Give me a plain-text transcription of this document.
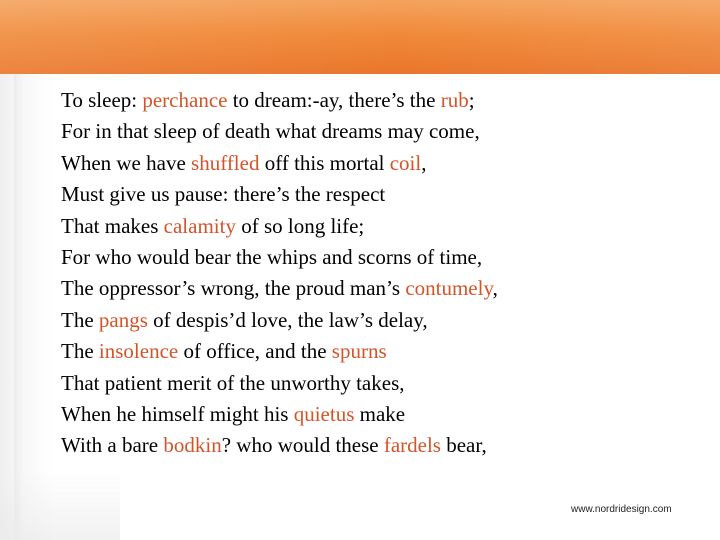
To sleep: perchance to dream:-ay, there’s the rub;
For in that sleep of death what dreams may come,
When we have shuffled off this mortal coil,
Must give us pause: there’s the respect
That makes calamity of so long life;
For who would bear the whips and scorns of time,
The oppressor’s wrong, the proud man’s contumely,
The pangs of despis’d love, the law’s delay,
The insolence of office, and the spurns
That patient merit of the unworthy takes,
When he himself might his quietus make
With a bare bodkin? who would these fardels bear,
www.nordridesign.com
